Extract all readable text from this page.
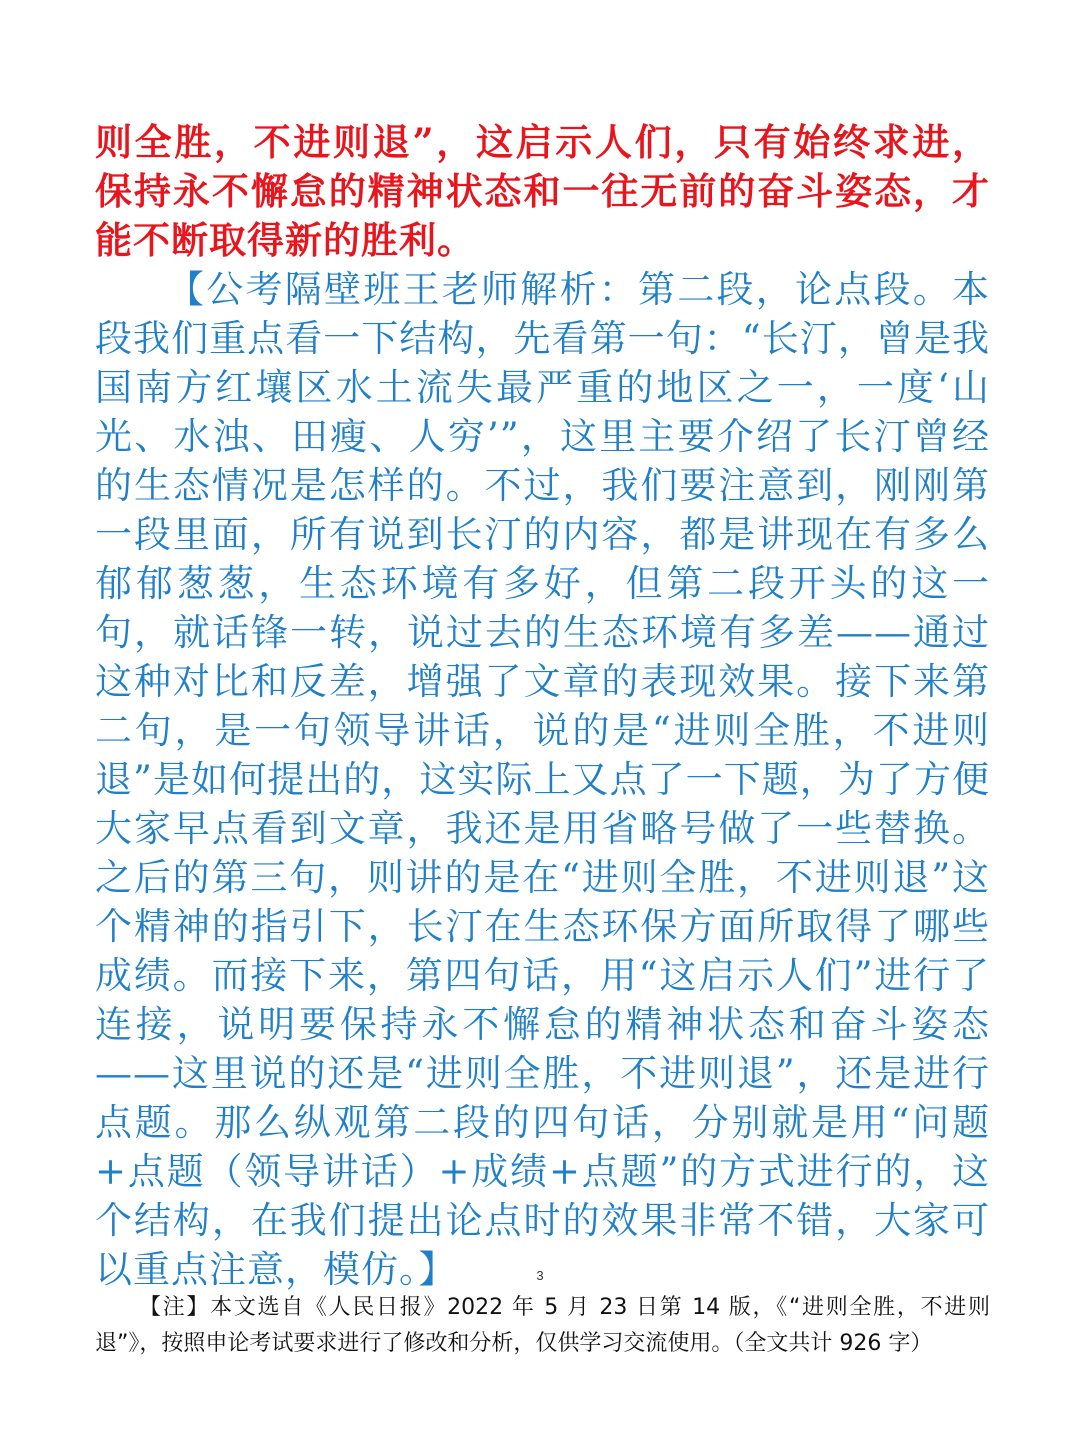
则全胜，不进则退”，这启示人们，只有始终求进，保持永不懈怠的精神状态和一往无前的奋斗姿态，才能不断取得新的胜利。

【公考隔壁班王老师解析：第二段，论点段。本段我们重点看一下结构，先看第一句：“长汀，曾是我国南方红壤区水土流失最严重的地区之一，一度‘山光、水浊、田瘦、人穷’”，这里主要介绍了长汀曾经的生态情况是怎样的。不过，我们要注意到，刚刚第一段里面，所有说到长汀的内容，都是讲现在有多么郁郁葱葱，生态环境有多好，但第二段开头的这一句，就话锋一转，说过去的生态环境有多差——通过这种对比和反差，增强了文章的表现效果。接下来第二句，是一句领导讲话，说的是“进则全胜，不进则退”是如何提出的，这实际上又点了一下题，为了方便大家早点看到文章，我还是用省略号做了一些替换。之后的第三句，则讲的是在“进则全胜，不进则退”这个精神的指引下，长汀在生态环保方面所取得了哪些成绩。而接下来，第四句话，用“这启示人们”进行了连接，说明要保持永不懈怠的精神状态和奋斗姿态——这里说的还是“进则全胜，不进则退”，还是进行点题。那么纵观第二段的四句话，分别就是用“问题+点题（领导讲话）+成绩+点题”的方式进行的，这个结构，在我们提出论点时的效果非常不错，大家可以重点注意，模仿。】	3
【注】本文选自《人民日报》2022 年 5 月 23 日第 14 版，《“进则全胜，不进则退”》，按照申论考试要求进行了修改和分析，仅供学习交流使用。（全文共计 926 字）
